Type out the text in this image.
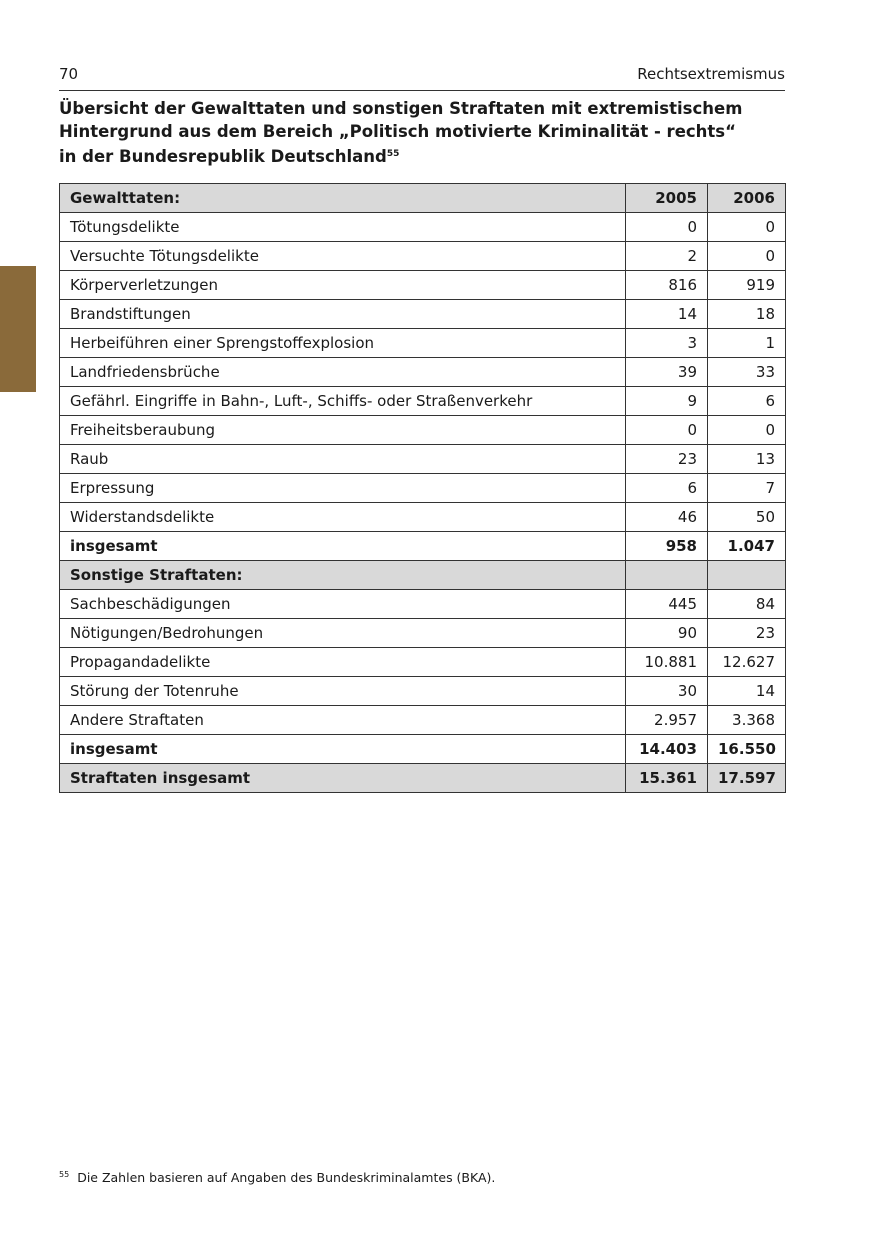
70	Rechtsextremismus
Übersicht der Gewalttaten und sonstigen Straftaten mit extremistischem
Hintergrund aus dem Bereich „Politisch motivierte Kriminalität - rechts“
in der Bundesrepublik Deutschland$^{55}$
Gewalttaten:	2005	2006
Tötungsdelikte	0	0
Versuchte Tötungsdelikte	2	0
Körperverletzungen	816	919
Brandstiftungen	14	18
Herbeiführen einer Sprengstoffexplosion	3	1
Landfriedensbrüche	39	33
Gefährl. Eingriffe in Bahn-, Luft-, Schiffs- oder Straßenverkehr	9	6
Freiheitsberaubung	0	0
Raub	23	13
Erpressung	6	7
Widerstandsdelikte	46	50
insgesamt	958	1.047
Sonstige Straftaten:		
Sachbeschädigungen	445	84
Nötigungen/Bedrohungen	90	23
Propagandadelikte	10.881	12.627
Störung der Totenruhe	30	14
Andere Straftaten	2.957	3.368
insgesamt	14.403	16.550
Straftaten insgesamt	15.361	17.597
$^{55}$ Die Zahlen basieren auf Angaben des Bundeskriminalamtes (BKA).
